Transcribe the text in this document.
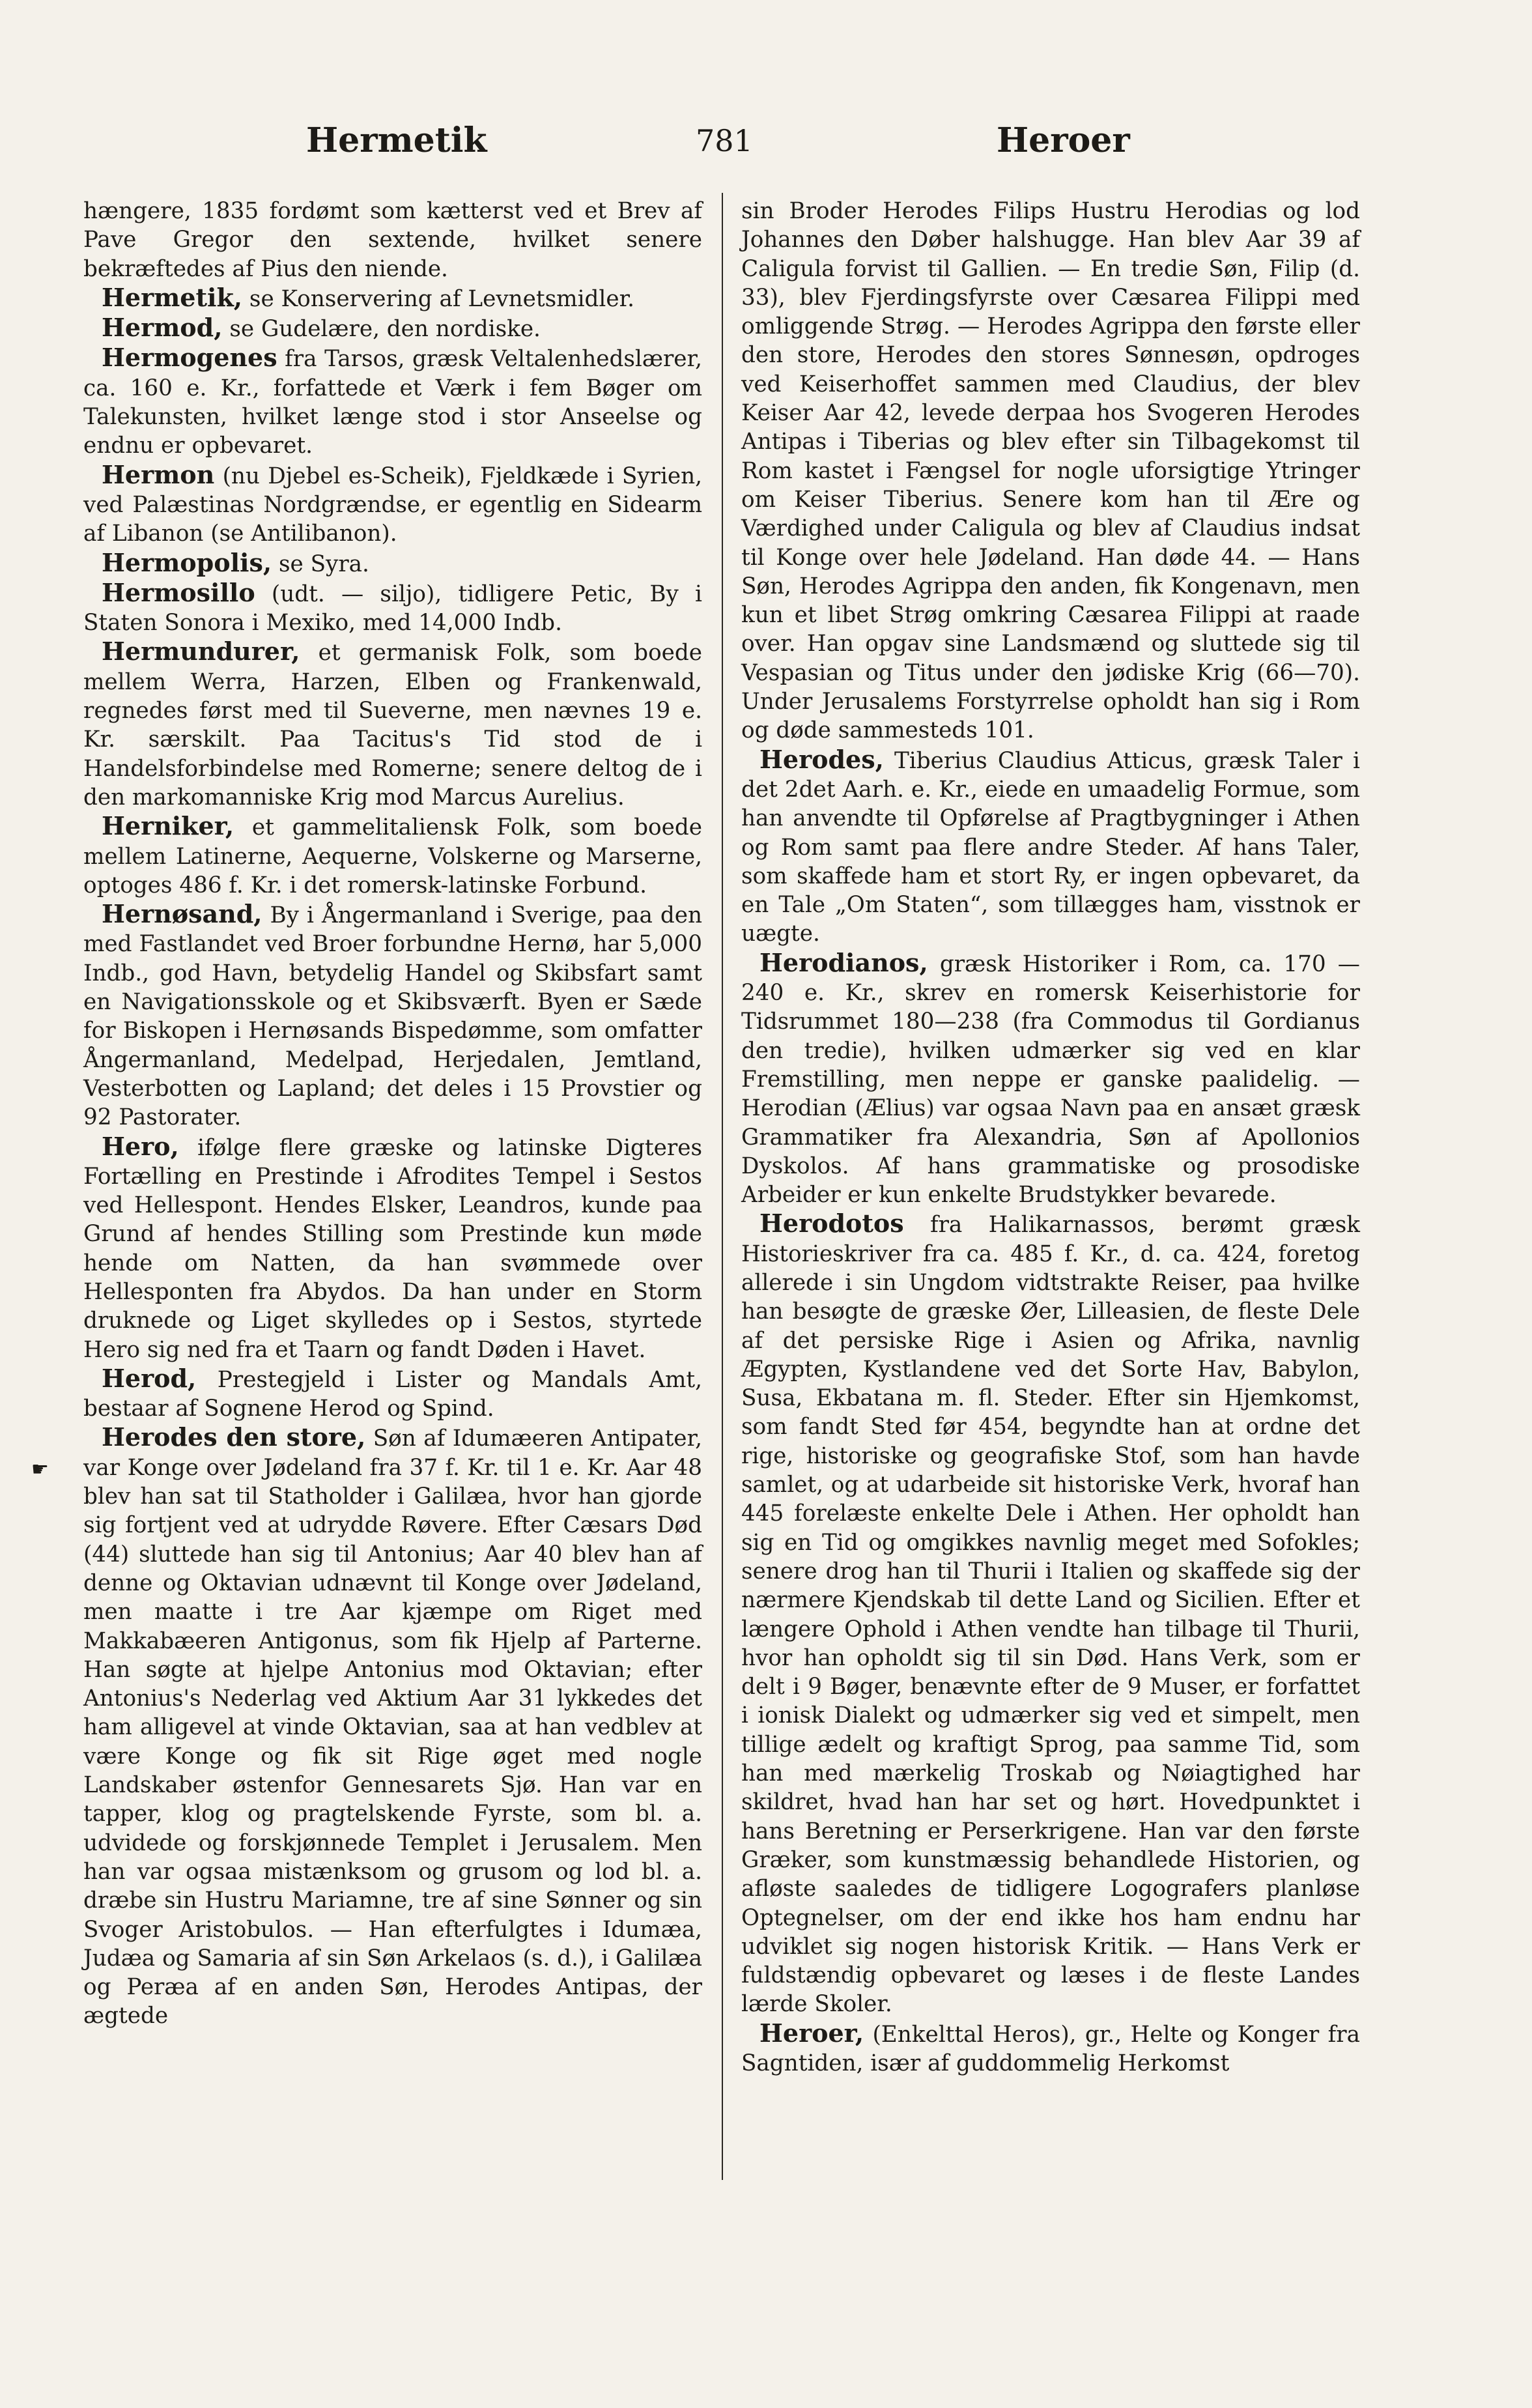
Hermetik	781	Heroer
☛

hængere, 1835 fordømt som kætterst ved et Brev af Pave Gregor den sextende, hvilket senere bekræftedes af Pius den niende.

Hermetik, se Konservering af Levnetsmidler.

Hermod, se Gudelære, den nordiske.

Hermogenes fra Tarsos, græsk Veltalenhedslærer, ca. 160 e. Kr., forfattede et Værk i fem Bøger om Talekunsten, hvilket længe stod i stor Anseelse og endnu er opbevaret.

Hermon (nu Djebel es-Scheik), Fjeldkæde i Syrien, ved Palæstinas Nordgrændse, er egentlig en Sidearm af Libanon (se Antilibanon).

Hermopolis, se Syra.

Hermosillo (udt. — siljo), tidligere Petic, By i Staten Sonora i Mexiko, med 14,000 Indb.

Hermundurer, et germanisk Folk, som boede mellem Werra, Harzen, Elben og Frankenwald, regnedes først med til Sueverne, men nævnes 19 e. Kr. særskilt. Paa Tacitus's Tid stod de i Handelsforbindelse med Romerne; senere deltog de i den markomanniske Krig mod Marcus Aurelius.

Herniker, et gammelitaliensk Folk, som boede mellem Latinerne, Aequerne, Volskerne og Marserne, optoges 486 f. Kr. i det romersk-latinske Forbund.

Hernøsand, By i Ångermanland i Sverige, paa den med Fastlandet ved Broer forbundne Hernø, har 5,000 Indb., god Havn, betydelig Handel og Skibsfart samt en Navigationsskole og et Skibsværft. Byen er Sæde for Biskopen i Hernøsands Bispedømme, som omfatter Ångermanland, Medelpad, Herjedalen, Jemtland, Vesterbotten og Lapland; det deles i 15 Provstier og 92 Pastorater.

Hero, ifølge flere græske og latinske Digteres Fortælling en Prestinde i Afrodites Tempel i Sestos ved Hellespont. Hendes Elsker, Leandros, kunde paa Grund af hendes Stilling som Prestinde kun møde hende om Natten, da han svømmede over Hellesponten fra Abydos. Da han under en Storm druknede og Liget skylledes op i Sestos, styrtede Hero sig ned fra et Taarn og fandt Døden i Havet.

Herod, Prestegjeld i Lister og Mandals Amt, bestaar af Sognene Herod og Spind.

Herodes den store, Søn af Idumæeren Antipater, var Konge over Jødeland fra 37 f. Kr. til 1 e. Kr. Aar 48 blev han sat til Statholder i Galilæa, hvor han gjorde sig fortjent ved at udrydde Røvere. Efter Cæsars Død (44) sluttede han sig til Antonius; Aar 40 blev han af denne og Oktavian udnævnt til Konge over Jødeland, men maatte i tre Aar kjæmpe om Riget med Makkabæeren Antigonus, som fik Hjelp af Parterne. Han søgte at hjelpe Antonius mod Oktavian; efter Antonius's Nederlag ved Aktium Aar 31 lykkedes det ham alligevel at vinde Oktavian, saa at han vedblev at være Konge og fik sit Rige øget med nogle Landskaber østenfor Gennesarets Sjø. Han var en tapper, klog og pragtelskende Fyrste, som bl. a. udvidede og forskjønnede Templet i Jerusalem. Men han var ogsaa mistænksom og grusom og lod bl. a. dræbe sin Hustru Mariamne, tre af sine Sønner og sin Svoger Aristobulos. — Han efterfulgtes i Idumæa, Judæa og Samaria af sin Søn Arkelaos (s. d.), i Galilæa og Peræa af en anden Søn, Herodes Antipas, der ægtede

sin Broder Herodes Filips Hustru Herodias og lod Johannes den Døber halshugge. Han blev Aar 39 af Caligula forvist til Gallien. — En tredie Søn, Filip (d. 33), blev Fjerdingsfyrste over Cæsarea Filippi med omliggende Strøg. — Herodes Agrippa den første eller den store, Herodes den stores Sønnesøn, opdroges ved Keiserhoffet sammen med Claudius, der blev Keiser Aar 42, levede derpaa hos Svogeren Herodes Antipas i Tiberias og blev efter sin Tilbagekomst til Rom kastet i Fængsel for nogle uforsigtige Ytringer om Keiser Tiberius. Senere kom han til Ære og Værdighed under Caligula og blev af Claudius indsat til Konge over hele Jødeland. Han døde 44. — Hans Søn, Herodes Agrippa den anden, fik Kongenavn, men kun et libet Strøg omkring Cæsarea Filippi at raade over. Han opgav sine Landsmænd og sluttede sig til Vespasian og Titus under den jødiske Krig (66—70). Under Jerusalems Forstyrrelse opholdt han sig i Rom og døde sammesteds 101.

Herodes, Tiberius Claudius Atticus, græsk Taler i det 2det Aarh. e. Kr., eiede en umaadelig Formue, som han anvendte til Opførelse af Pragtbygninger i Athen og Rom samt paa flere andre Steder. Af hans Taler, som skaffede ham et stort Ry, er ingen opbevaret, da en Tale „Om Staten“, som tillægges ham, visstnok er uægte.

Herodianos, græsk Historiker i Rom, ca. 170 — 240 e. Kr., skrev en romersk Keiserhistorie for Tidsrummet 180—238 (fra Commodus til Gordianus den tredie), hvilken udmærker sig ved en klar Fremstilling, men neppe er ganske paalidelig. — Herodian (Ælius) var ogsaa Navn paa en ansæt græsk Grammatiker fra Alexandria, Søn af Apollonios Dyskolos. Af hans grammatiske og prosodiske Arbeider er kun enkelte Brudstykker bevarede.

Herodotos fra Halikarnassos, berømt græsk Historieskriver fra ca. 485 f. Kr., d. ca. 424, foretog allerede i sin Ungdom vidtstrakte Reiser, paa hvilke han besøgte de græske Øer, Lilleasien, de fleste Dele af det persiske Rige i Asien og Afrika, navnlig Ægypten, Kystlandene ved det Sorte Hav, Babylon, Susa, Ekbatana m. fl. Steder. Efter sin Hjemkomst, som fandt Sted før 454, begyndte han at ordne det rige, historiske og geografiske Stof, som han havde samlet, og at udarbeide sit historiske Verk, hvoraf han 445 forelæste enkelte Dele i Athen. Her opholdt han sig en Tid og omgikkes navnlig meget med Sofokles; senere drog han til Thurii i Italien og skaffede sig der nærmere Kjendskab til dette Land og Sicilien. Efter et længere Ophold i Athen vendte han tilbage til Thurii, hvor han opholdt sig til sin Død. Hans Verk, som er delt i 9 Bøger, benævnte efter de 9 Muser, er forfattet i ionisk Dialekt og udmærker sig ved et simpelt, men tillige ædelt og kraftigt Sprog, paa samme Tid, som han med mærkelig Troskab og Nøiagtighed har skildret, hvad han har set og hørt. Hovedpunktet i hans Beretning er Perserkrigene. Han var den første Græker, som kunstmæssig behandlede Historien, og afløste saaledes de tidligere Logografers planløse Optegnelser, om der end ikke hos ham endnu har udviklet sig nogen historisk Kritik. — Hans Verk er fuldstændig opbevaret og læses i de fleste Landes lærde Skoler.

Heroer, (Enkelttal Heros), gr., Helte og Konger fra Sagntiden, især af guddommelig Herkomst
